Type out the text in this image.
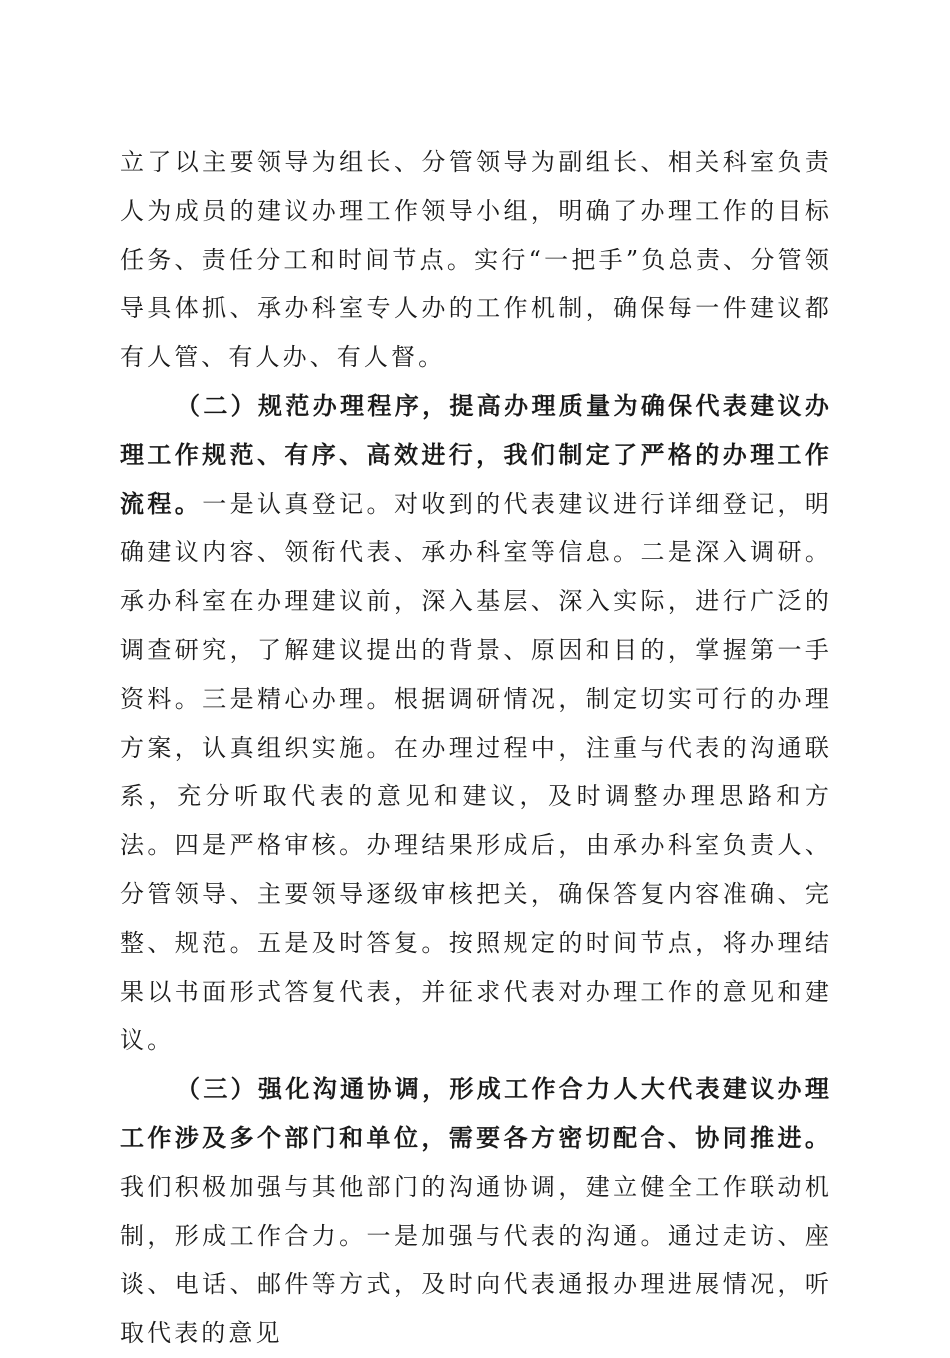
立了以主要领导为组长、分管领导为副组长、相关科室负责人为成员的建议办理工作领导小组，明确了办理工作的目标任务、责任分工和时间节点。实行“一把手”负总责、分管领导具体抓、承办科室专人办的工作机制，确保每一件建议都有人管、有人办、有人督。

（二）规范办理程序，提高办理质量为确保代表建议办理工作规范、有序、高效进行，我们制定了严格的办理工作流程。一是认真登记。对收到的代表建议进行详细登记，明确建议内容、领衔代表、承办科室等信息。二是深入调研。承办科室在办理建议前，深入基层、深入实际，进行广泛的调查研究，了解建议提出的背景、原因和目的，掌握第一手资料。三是精心办理。根据调研情况，制定切实可行的办理方案，认真组织实施。在办理过程中，注重与代表的沟通联系，充分听取代表的意见和建议，及时调整办理思路和方法。四是严格审核。办理结果形成后，由承办科室负责人、分管领导、主要领导逐级审核把关，确保答复内容准确、完整、规范。五是及时答复。按照规定的时间节点，将办理结果以书面形式答复代表，并征求代表对办理工作的意见和建议。

（三）强化沟通协调，形成工作合力人大代表建议办理工作涉及多个部门和单位，需要各方密切配合、协同推进。我们积极加强与其他部门的沟通协调，建立健全工作联动机制，形成工作合力。一是加强与代表的沟通。通过走访、座谈、电话、邮件等方式，及时向代表通报办理进展情况，听取代表的意见
